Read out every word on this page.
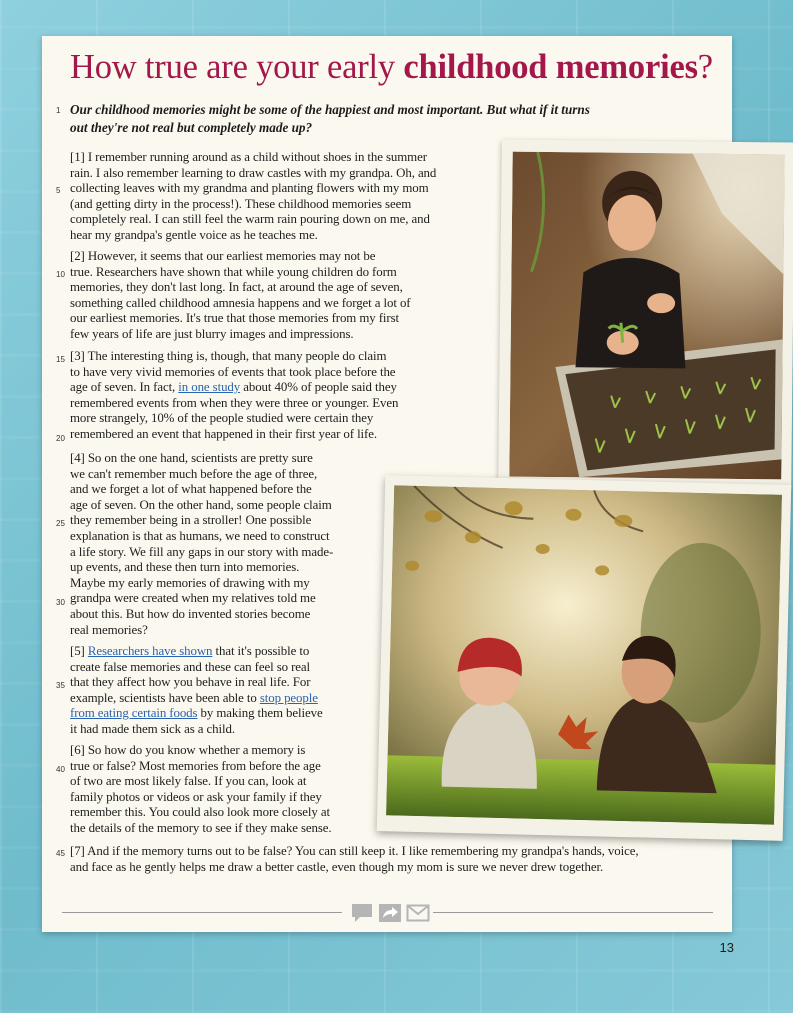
How true are your early childhood memories?
1 Our childhood memories might be some of the happiest and most important. But what if it turns
out they're not real but completely made up?

5

[1] I remember running around as a child without shoes in the summer
rain. I also remember learning to draw castles with my grandpa. Oh, and
collecting leaves with my grandma and planting flowers with my mom
(and getting dirty in the process!). These childhood memories seem
completely real. I can still feel the warm rain pouring down on me, and
hear my grandpa's gentle voice as he teaches me.

10

[2] However, it seems that our earliest memories may not be
true. Researchers have shown that while young children do form
memories, they don't last long. In fact, at around the age of seven,
something called childhood amnesia happens and we forget a lot of
our earliest memories. It's true that those memories from my first
few years of life are just blurry images and impressions.

15
20

[3] The interesting thing is, though, that many people do claim
to have very vivid memories of events that took place before the
age of seven. In fact, in one study about 40% of people said they
remembered events from when they were three or younger. Even
more strangely, 10% of the people studied were certain they
remembered an event that happened in their first year of life.

25
30

[4] So on the one hand, scientists are pretty sure
we can't remember much before the age of three,
and we forget a lot of what happened before the
age of seven. On the other hand, some people claim
they remember being in a stroller! One possible
explanation is that as humans, we need to construct
a life story. We fill any gaps in our story with made-
up events, and these then turn into memories.
Maybe my early memories of drawing with my
grandpa were created when my relatives told me
about this. But how do invented stories become
real memories?

35

[5] Researchers have shown that it's possible to
create false memories and these can feel so real
that they affect how you behave in real life. For
example, scientists have been able to stop people
from eating certain foods by making them believe
it had made them sick as a child.

40

[6] So how do you know whether a memory is
true or false? Most memories from before the age
of two are most likely false. If you can, look at
family photos or videos or ask your family if they
remember this. You could also look more closely at
the details of the memory to see if they make sense.

45 [7] And if the memory turns out to be false? You can still keep it. I like remembering my grandpa's hands, voice,
and face as he gently helps me draw a better castle, even though my mom is sure we never drew together.

13
